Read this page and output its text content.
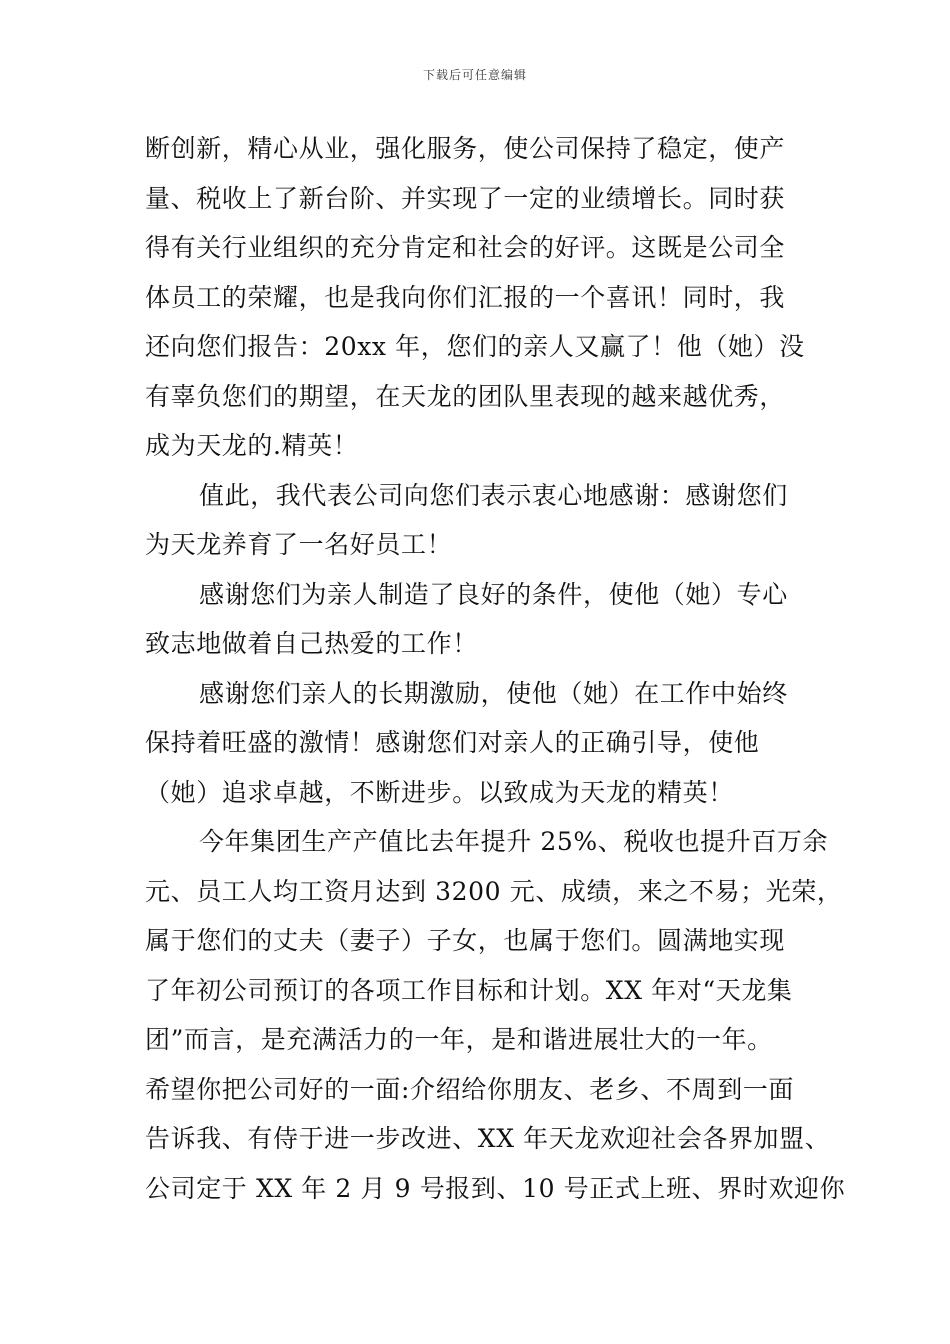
下载后可任意编辑
断创新，精心从业，强化服务，使公司保持了稳定，使产
量、税收上了新台阶、并实现了一定的业绩增长。同时获
得有关行业组织的充分肯定和社会的好评。这既是公司全
体员工的荣耀，也是我向你们汇报的一个喜讯！同时，我
还向您们报告：20xx 年，您们的亲人又赢了！他（她）没
有辜负您们的期望，在天龙的团队里表现的越来越优秀，
成为天龙的.精英！
值此，我代表公司向您们表示衷心地感谢：感谢您们
为天龙养育了一名好员工！
感谢您们为亲人制造了良好的条件，使他（她）专心
致志地做着自己热爱的工作！
感谢您们亲人的长期激励，使他（她）在工作中始终
保持着旺盛的激情！感谢您们对亲人的正确引导，使他
（她）追求卓越，不断进步。以致成为天龙的精英！
今年集团生产产值比去年提升 25%、税收也提升百万余
元、员工人均工资月达到 3200 元、成绩，来之不易；光荣，
属于您们的丈夫（妻子）子女，也属于您们。圆满地实现
了年初公司预订的各项工作目标和计划。XX 年对“天龙集
团”而言，是充满活力的一年，是和谐进展壮大的一年。
希望你把公司好的一面:介绍给你朋友、老乡、不周到一面
告诉我、有侍于进一步改进、XX 年天龙欢迎社会各界加盟、
公司定于 XX 年 2 月 9 号报到、10 号正式上班、界时欢迎你
